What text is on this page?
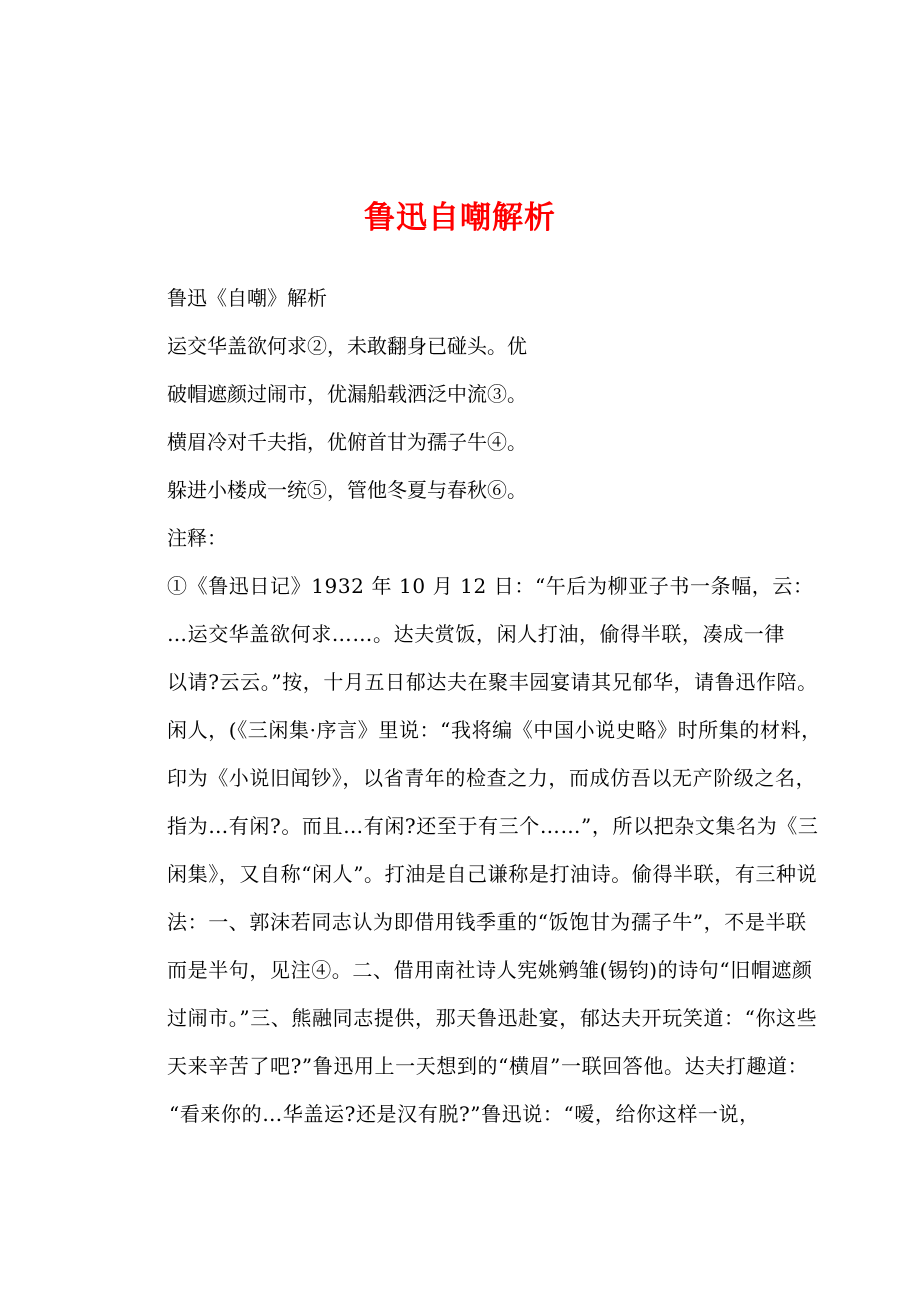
鲁迅自嘲解析
鲁迅《自嘲》解析
运交华盖欲何求②，未敢翻身已碰头。优
破帽遮颜过闹市，优漏船载洒泛中流③。
横眉冷对千夫指，优俯首甘为孺子牛④。
躲进小楼成一统⑤，管他冬夏与春秋⑥。
注释：
①《鲁迅日记》1932 年 10 月 12 日：“午后为柳亚子书一条幅，云：
…运交华盖欲何求……。达夫赏饭，闲人打油，偷得半联，凑成一律
以请?云云。”按，十月五日郁达夫在聚丰园宴请其兄郁华，请鲁迅作陪。
闲人，(《三闲集·序言》里说：“我将编《中国小说史略》时所集的材料，
印为《小说旧闻钞》，以省青年的检查之力，而成仿吾以无产阶级之名，
指为…有闲?。而且…有闲?还至于有三个……”，所以把杂文集名为《三
闲集》，又自称“闲人”。打油是自己谦称是打油诗。偷得半联，有三种说
法：一、郭沫若同志认为即借用钱季重的“饭饱甘为孺子牛”，不是半联
而是半句，见注④。二、借用南社诗人宪姚鹓雏(锡钧)的诗句“旧帽遮颜
过闹市。”三、熊融同志提供，那天鲁迅赴宴，郁达夫开玩笑道：“你这些
天来辛苦了吧?”鲁迅用上一天想到的“横眉”一联回答他。达夫打趣道：
“看来你的…华盖运?还是汉有脱?”鲁迅说：“嗳，给你这样一说，
